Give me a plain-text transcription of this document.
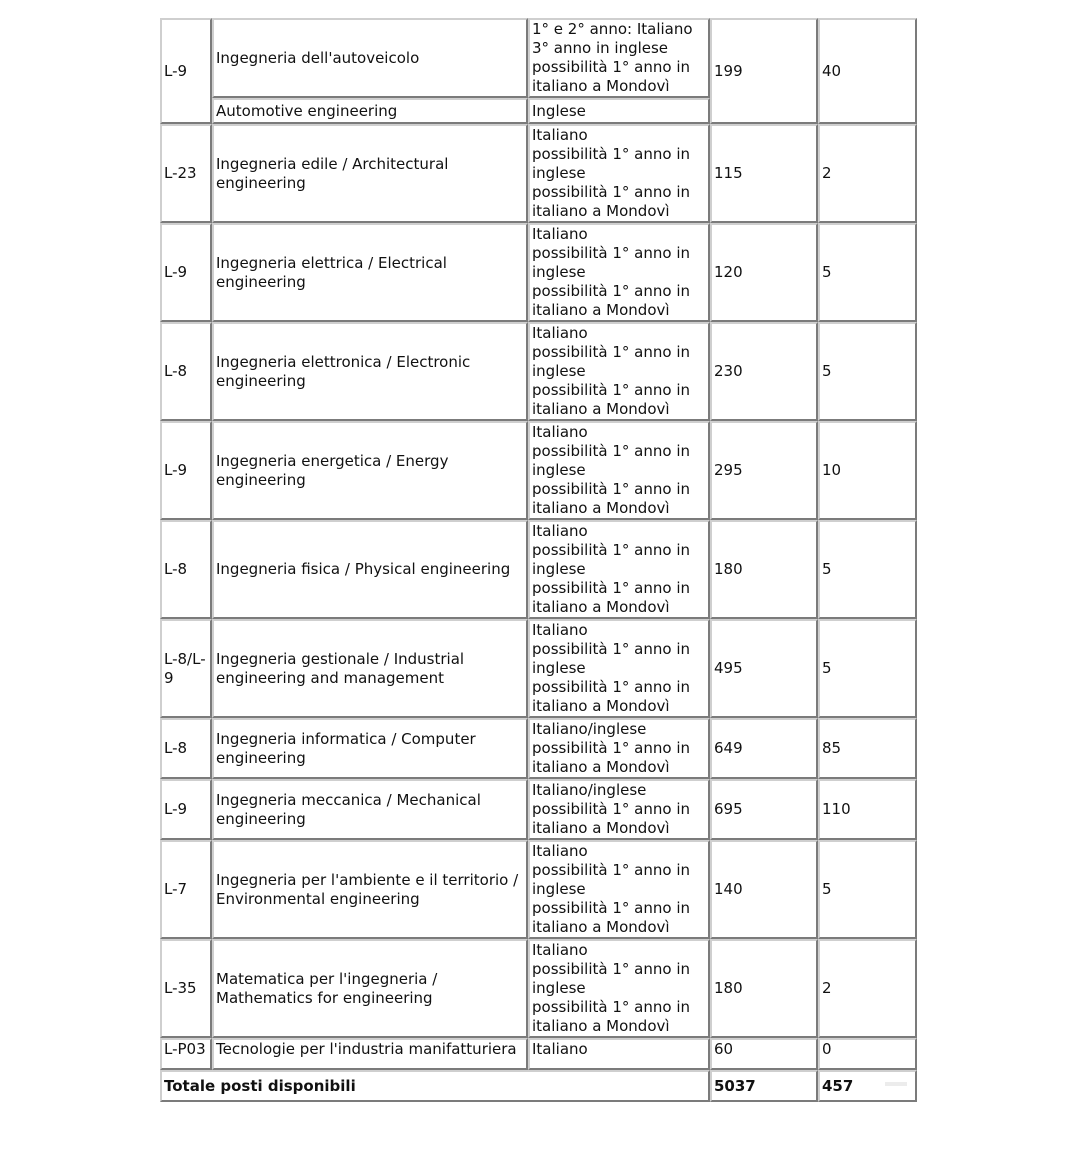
L-9	Ingegneria dell'autoveicolo	1° e 2° anno: Italiano
3° anno in inglese
possibilità 1° anno in
italiano a Mondovì	199	40
	Automotive engineering	Inglese		

L-23	Ingegneria edile / Architectural engineering	Italiano
possibilità 1° anno in
inglese
possibilità 1° anno in
italiano a Mondovì	115	2
L-9	Ingegneria elettrica / Electrical engineering	Italiano
possibilità 1° anno in
inglese
possibilità 1° anno in
italiano a Mondovì	120	5
L-8	Ingegneria elettronica / Electronic engineering	Italiano
possibilità 1° anno in
inglese
possibilità 1° anno in
italiano a Mondovì	230	5
L-9	Ingegneria energetica / Energy engineering	Italiano
possibilità 1° anno in
inglese
possibilità 1° anno in
italiano a Mondovì	295	10
L-8	Ingegneria fisica / Physical engineering	Italiano
possibilità 1° anno in
inglese
possibilità 1° anno in
italiano a Mondovì	180	5
L-8/L-9	Ingegneria gestionale / Industrial engineering and management	Italiano
possibilità 1° anno in
inglese
possibilità 1° anno in
italiano a Mondovì	495	5
L-8	Ingegneria informatica / Computer engineering	Italiano/inglese
possibilità 1° anno in
italiano a Mondovì	649	85
L-9	Ingegneria meccanica / Mechanical engineering	Italiano/inglese
possibilità 1° anno in
italiano a Mondovì	695	110
L-7	Ingegneria per l'ambiente e il territorio / Environmental engineering	Italiano
possibilità 1° anno in
inglese
possibilità 1° anno in
italiano a Mondovì	140	5
L-35	Matematica per l'ingegneria / Mathematics for engineering	Italiano
possibilità 1° anno in
inglese
possibilità 1° anno in
italiano a Mondovì	180	2
L-P03	Tecnologie per l'industria manifatturiera	Italiano	60	0
Totale posti disponibili			5037	457
